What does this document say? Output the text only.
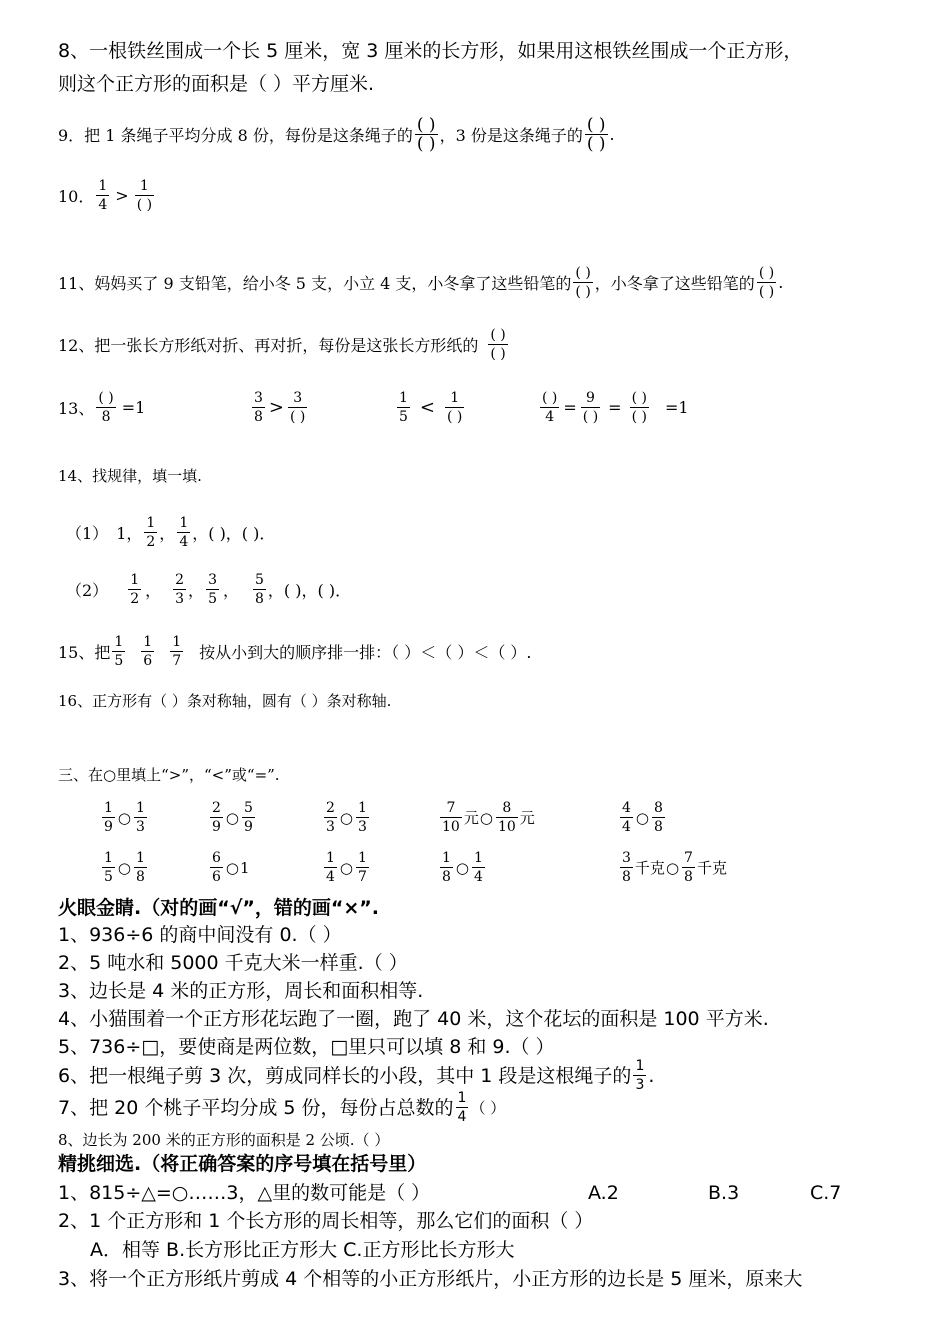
8、一根铁丝围成一个长 5 厘米，宽 3 厘米的长方形，如果用这根铁丝围成一个正方形，
则这个正方形的面积是（ ）平方厘米.
9．把 1 条绳子平均分成 8 份，每份是这条绳子的 $\frac{( )}{( )}$ ，3 份是这条绳子的 $\frac{( )}{( )}$ .
10． $\frac{1}{4} > \frac{1}{( )}$
11、妈妈买了 9 支铅笔，给小冬 5 支，小立 4 支，小冬拿了这些铅笔的 $\frac{( )}{( )}$ ，小冬拿了这些铅笔的 $\frac{( )}{( )}$ .
12、把一张长方形纸对折、再对折，每份是这张长方形纸的 $\frac{( )}{( )}$
13、 $\frac{( )}{8} =1$	$\frac{3}{8} > \frac{3}{( )}$	$\frac{1}{5} < \frac{1}{( )}$	$\frac{( )}{4} = \frac{9}{( )} = \frac{( )}{( )} =1$
14、找规律，填一填.
（1） 1， $\frac{1}{2}$ ， $\frac{1}{4}$ ，( )，( )．
$(2) \frac{1}{2}$ ， $\frac{2}{3}$ ， $\frac{3}{5}$ ， $\frac{5}{8}$ ，( )，( )．
15、把 $\frac{1}{5} \frac{1}{6} \frac{1}{7}$ 按从小到大的顺序排一排：（ ）＜（ ）＜（ ）.
16、正方形有（ ）条对称轴，圆有（ ）条对称轴.
三、在○里填上“>”，“<”或“=”.
$\frac{1}{9}$ ○ $\frac{1}{3}$	$\frac{2}{9}$ ○ $\frac{5}{9}$	$\frac{2}{3}$ ○ $\frac{1}{3}$	$\frac{7}{10}$ 元 ○ $\frac{8}{10}$ 元	$\frac{4}{4}$ ○ $\frac{8}{8}$
$\frac{1}{5}$ ○ $\frac{1}{8}$	$\frac{6}{6}$ ○ 1	$\frac{1}{4}$ ○ $\frac{1}{7}$	$\frac{1}{8}$ ○ $\frac{1}{4}$	$\frac{3}{8}$ 千克 ○ $\frac{7}{8}$ 千克
火眼金睛.（对的画“√”，错的画“×”.
1、936÷6 的商中间没有 0.（ ）
2、5 吨水和 5000 千克大米一样重.（ ）
3、边长是 4 米的正方形，周长和面积相等.
4、小猫围着一个正方形花坛跑了一圈，跑了 40 米，这个花坛的面积是 100 平方米.
5、736÷□，要使商是两位数，□里只可以填 8 和 9.（ ）
6、把一根绳子剪 3 次，剪成同样长的小段，其中 1 段是这根绳子的 $\frac{1}{3}$ .
7、把 20 个桃子平均分成 5 份，每份占总数的 $\frac{1}{4}$ （ ）
8、边长为 200 米的正方形的面积是 2 公顷.（ ）
精挑细选.（将正确答案的序号填在括号里）
1、815÷△=○……3，△里的数可能是（ ）	A.2	B.3	C.7
2、1 个正方形和 1 个长方形的周长相等，那么它们的面积（ ）
A．相等 B.长方形比正方形大 C.正方形比长方形大
3、将一个正方形纸片剪成 4 个相等的小正方形纸片，小正方形的边长是 5 厘米，原来大
